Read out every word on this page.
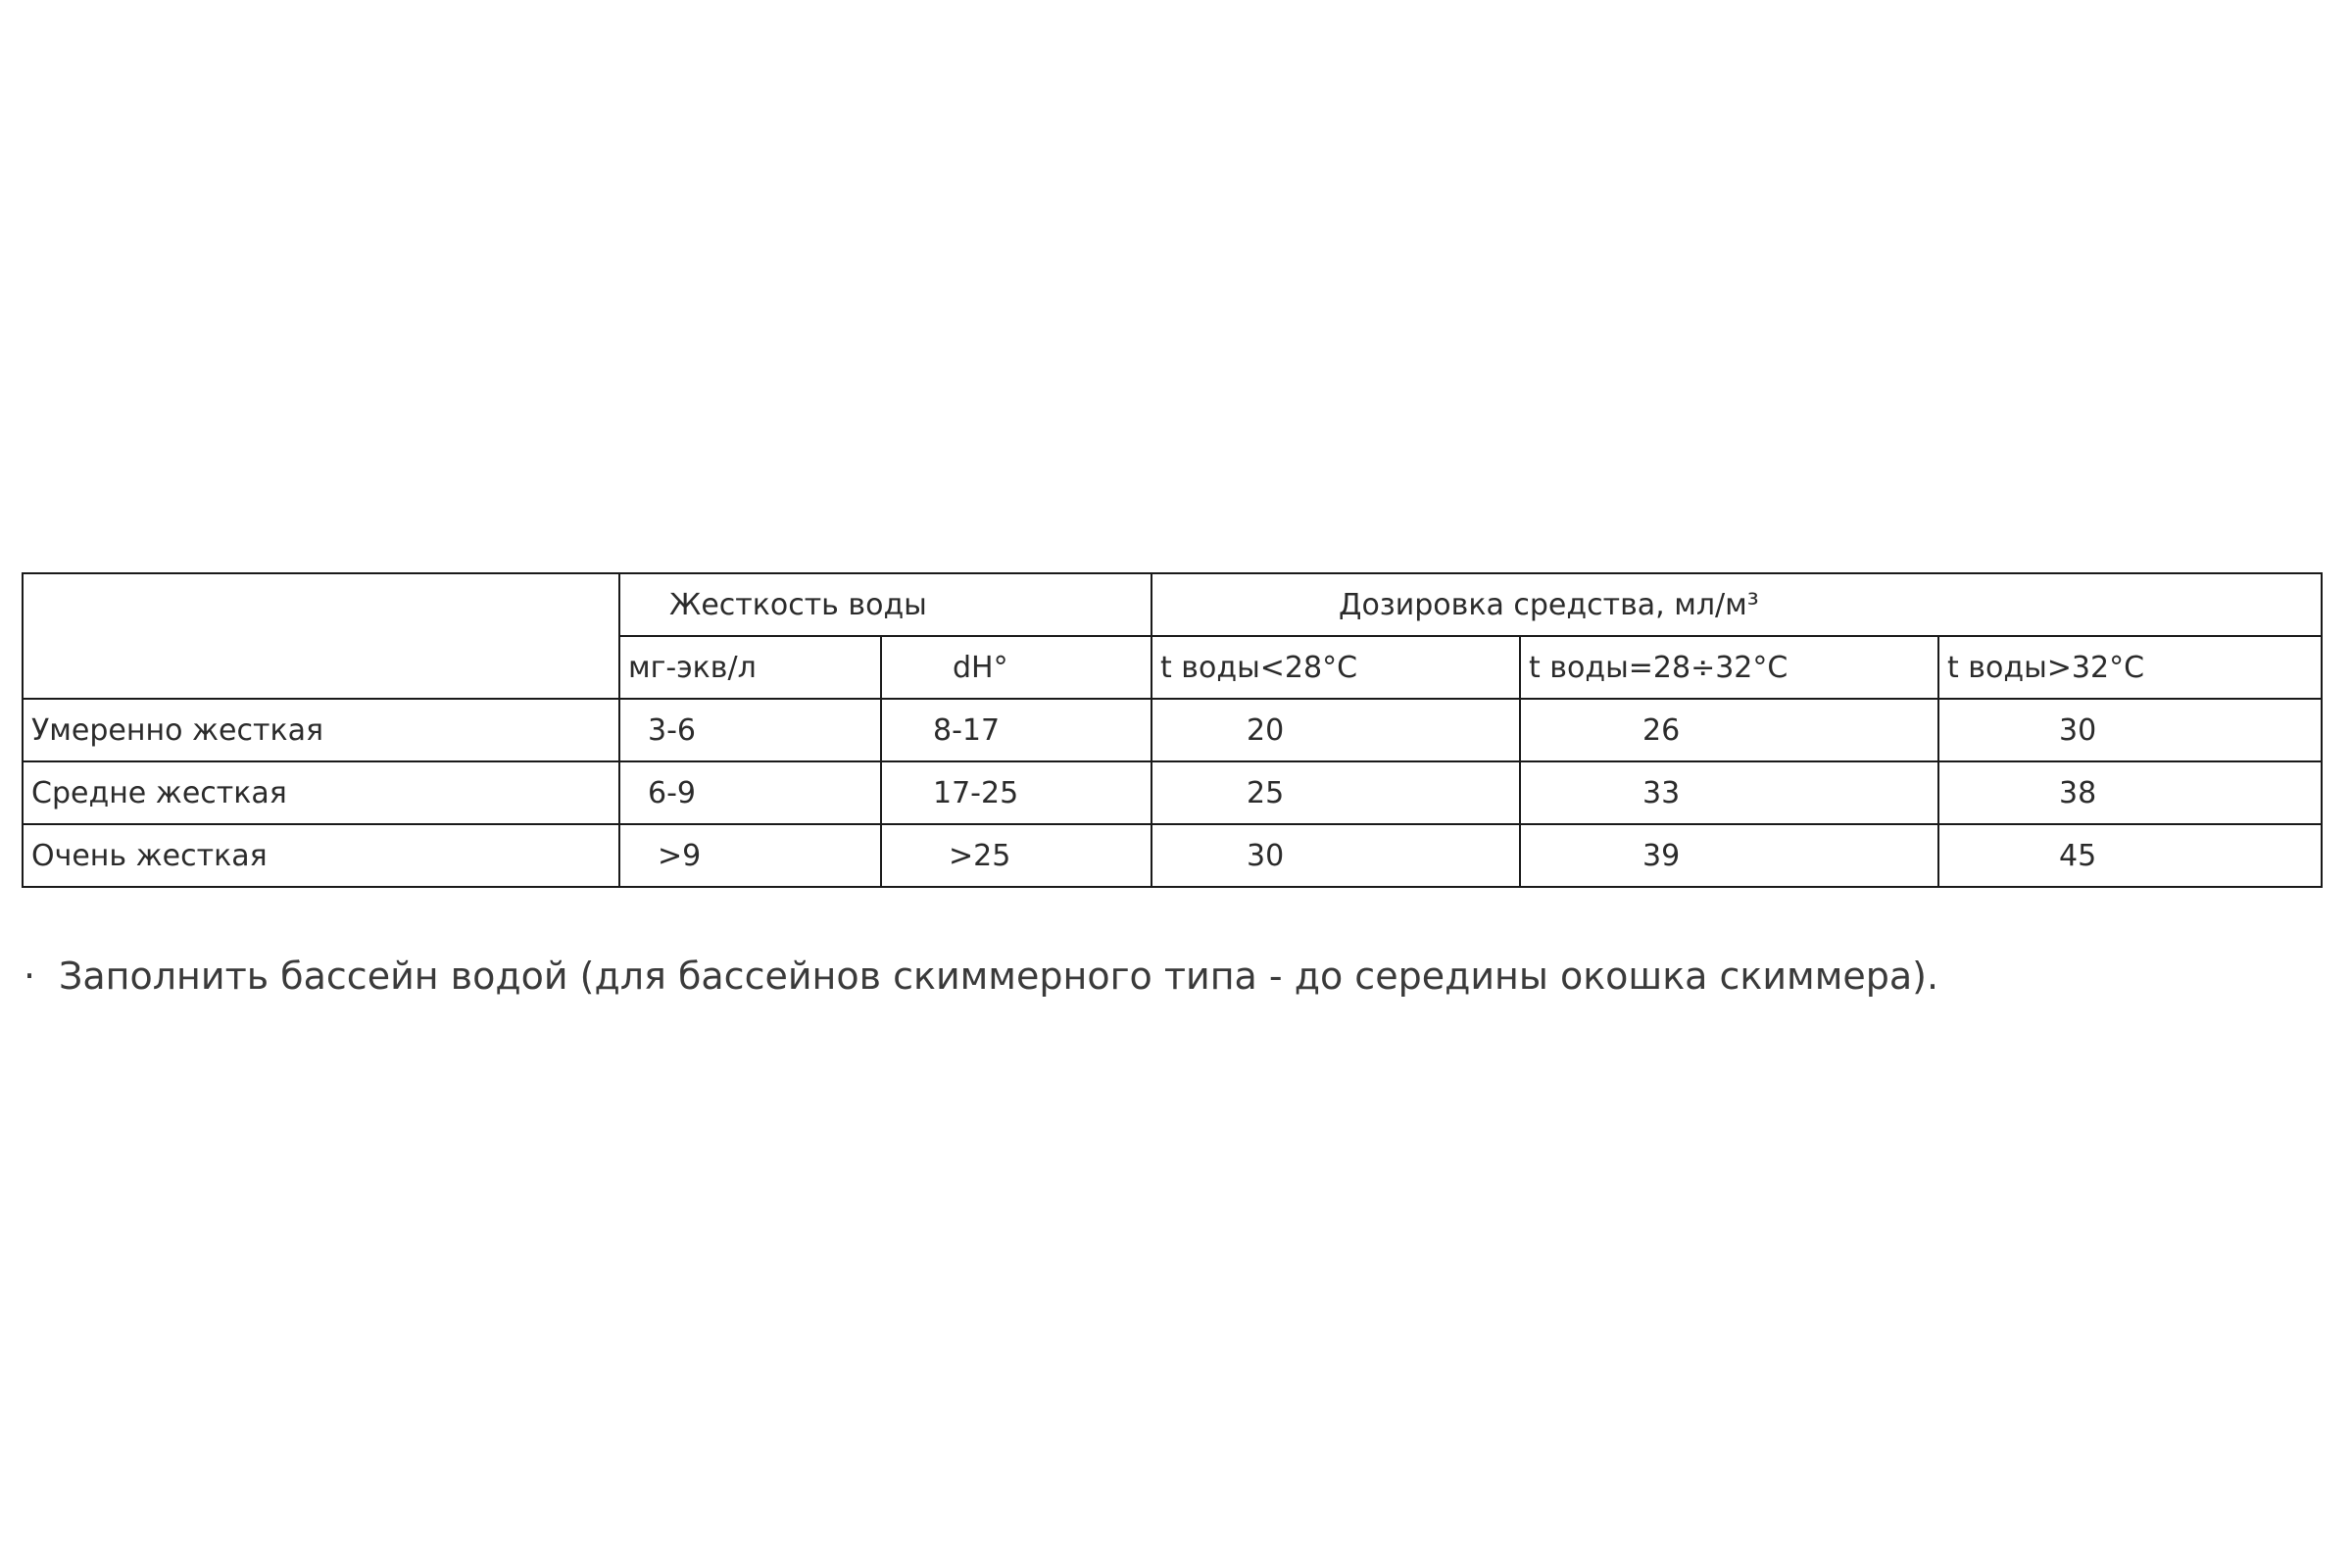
	Жесткость воды		Дозировка средства, мл/м³		
	мг-экв/л	dH°	t воды<28°C	t воды=28÷32°C	t воды>32°C
Умеренно жесткая	3-6	8-17	20	26	30
Средне жесткая	6-9	17-25	25	33	38
Очень жесткая	>9	>25	30	39	45
· Заполнить бассейн водой (для бассейнов скиммерного типа - до середины окошка скиммера).
